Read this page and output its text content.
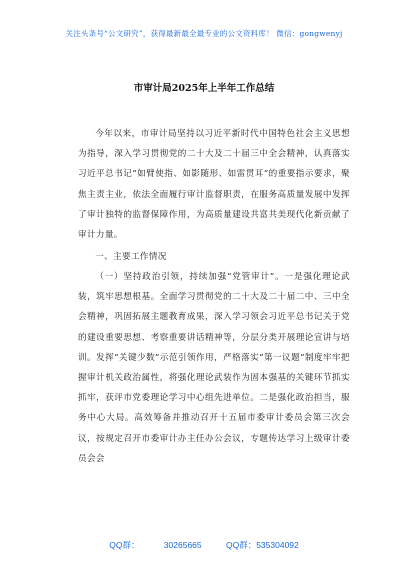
关注头条号“公文研究”，获得最新最全最专业的公文资料库！ 微信：gongwenyj
市审计局2025年上半年工作总结
今年以来，市审计局坚持以习近平新时代中国特色社会主义思想为指导，深入学习贯彻党的二十大及二十届三中全会精神，认真落实习近平总书记“如臂使指、如影随形、如雷贯耳”的重要指示要求，聚焦主责主业，依法全面履行审计监督职责，在服务高质量发展中发挥了审计独特的监督保障作用，为高质量建设共富共美现代化新贡献了审计力量。
一、主要工作情况
（一）坚持政治引领，持续加强“党管审计”。一是强化理论武装，筑牢思想根基。全面学习贯彻党的二十大及二十届二中、三中全会精神，巩固拓展主题教育成果，深入学习领会习近平总书记关于党的建设重要思想、考察重要讲话精神等，分层分类开展理论宣讲与培训。发挥“关键少数”示范引领作用，严格落实“第一议题”制度牢牢把握审计机关政治属性，将强化理论武装作为固本强基的关键环节抓实抓牢，获评市党委理论学习中心组先进单位。二是强化政治担当，服务中心大局。高效筹备并推动召开十五届市委审计委员会第三次会议，按规定召开市委审计办主任办公会议，专题传达学习上级审计委员会会
QQ群： 30265665 QQ群：535304092
